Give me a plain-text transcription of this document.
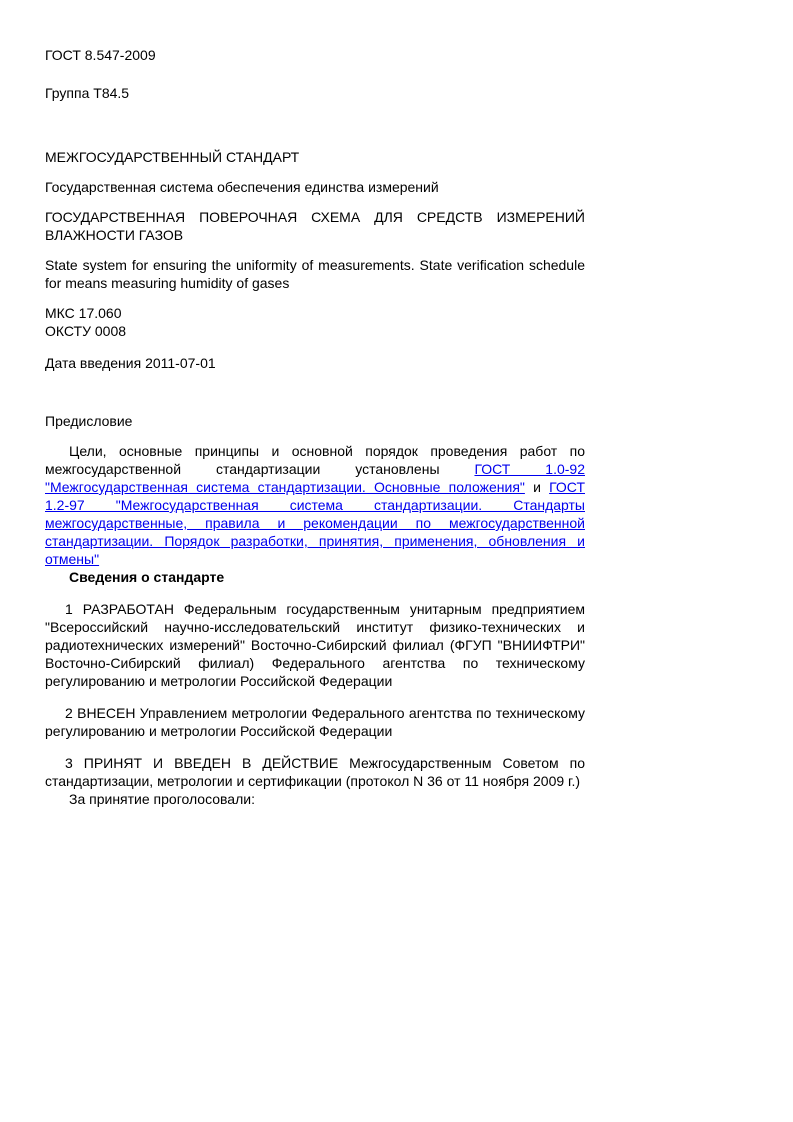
ГОСТ 8.547-2009

Группа Т84.5

МЕЖГОСУДАРСТВЕННЫЙ СТАНДАРТ

Государственная система обеспечения единства измерений

ГОСУДАРСТВЕННАЯ ПОВЕРОЧНАЯ СХЕМА ДЛЯ СРЕДСТВ ИЗМЕРЕНИЙ ВЛАЖНОСТИ ГАЗОВ

State system for ensuring the uniformity of measurements. State verification schedule for means measuring humidity of gases

МКС 17.060

ОКСТУ 0008

Дата введения 2011-07-01

Предисловие

Цели, основные принципы и основной порядок проведения работ по межгосударственной стандартизации установлены ГОСТ 1.0-92 "Межгосударственная система стандартизации. Основные положения" и ГОСТ 1.2-97 "Межгосударственная система стандартизации. Стандарты межгосударственные, правила и рекомендации по межгосударственной стандартизации. Порядок разработки, принятия, применения, обновления и отмены"

Сведения о стандарте

1 РАЗРАБОТАН Федеральным государственным унитарным предприятием "Всероссийский научно-исследовательский институт физико-технических и радиотехнических измерений" Восточно-Сибирский филиал (ФГУП "ВНИИФТРИ" Восточно-Сибирский филиал) Федерального агентства по техническому регулированию и метрологии Российской Федерации

2 ВНЕСЕН Управлением метрологии Федерального агентства по техническому регулированию и метрологии Российской Федерации

3 ПРИНЯТ И ВВЕДЕН В ДЕЙСТВИЕ Межгосударственным Советом по стандартизации, метрологии и сертификации (протокол N 36 от 11 ноября 2009 г.)

За принятие проголосовали:
